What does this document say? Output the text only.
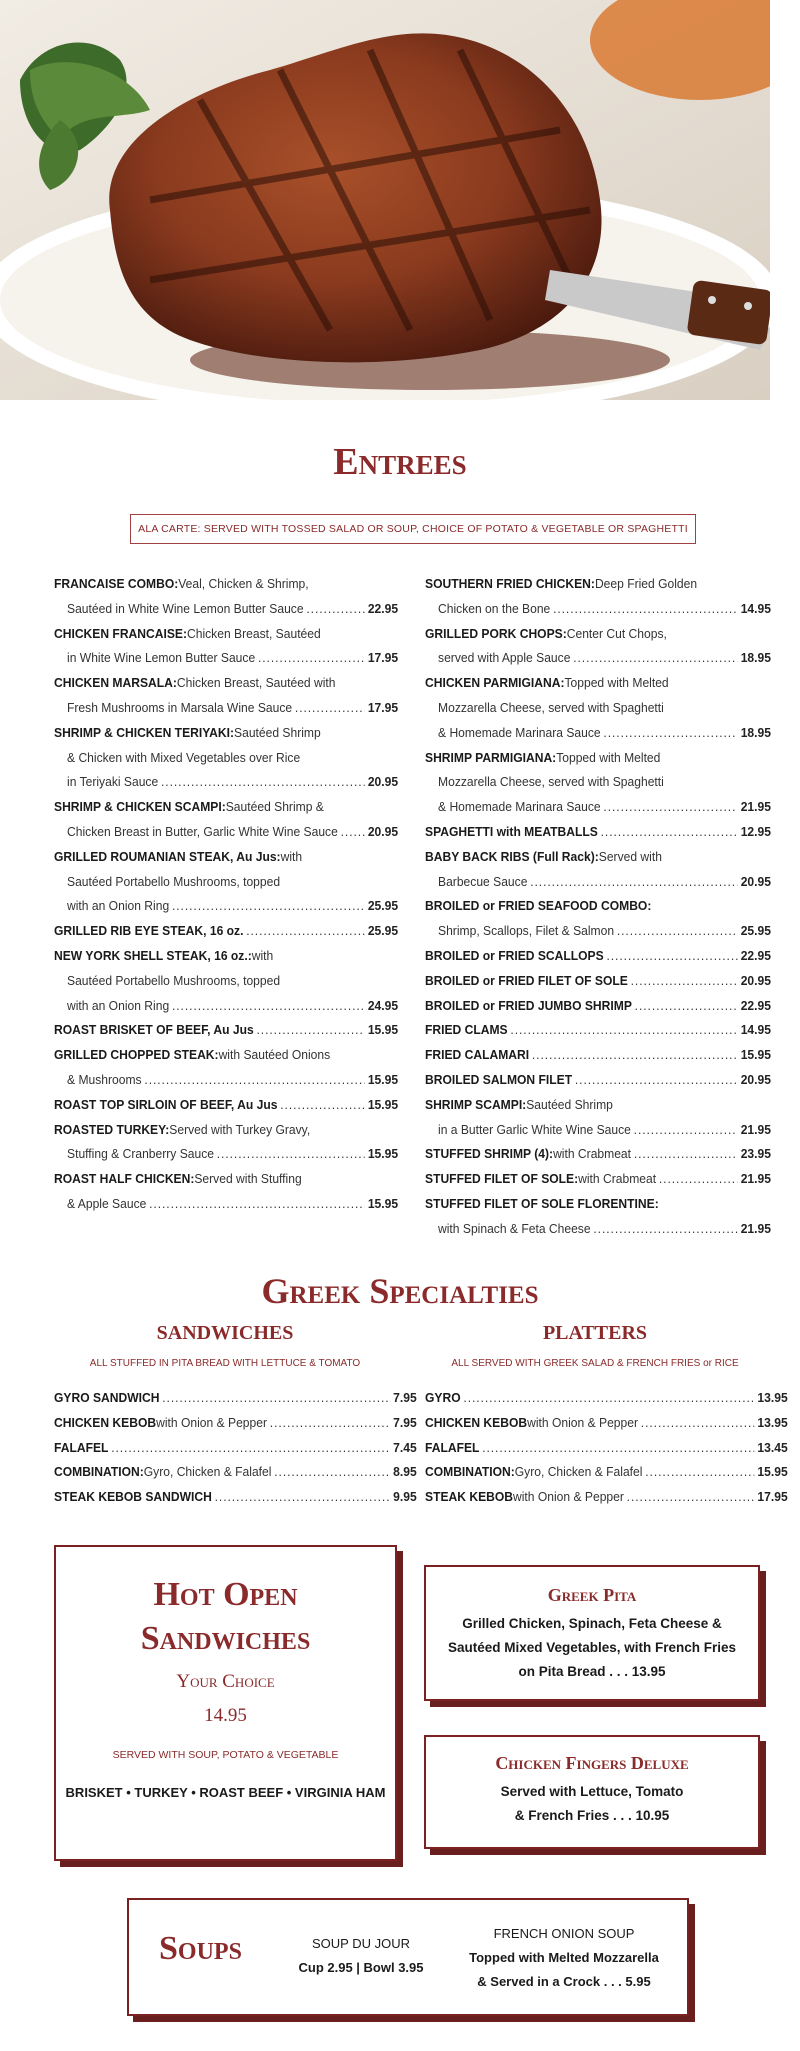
Entrees
ALA CARTE: SERVED WITH TOSSED SALAD OR SOUP, CHOICE OF POTATO & VEGETABLE OR SPAGHETTI
FRANCAISE COMBO: Veal, Chicken & Shrimp,
Sautéed in White Wine Lemon Butter Sauce .....	22.95
CHICKEN FRANCAISE: Chicken Breast, Sautéed
in White Wine Lemon Butter Sauce .....	17.95
CHICKEN MARSALA: Chicken Breast, Sautéed with
Fresh Mushrooms in Marsala Wine Sauce .....	17.95
SHRIMP & CHICKEN TERIYAKI: Sautéed Shrimp
& Chicken with Mixed Vegetables over Rice
in Teriyaki Sauce .....	20.95
SHRIMP & CHICKEN SCAMPI: Sautéed Shrimp &
Chicken Breast in Butter, Garlic White Wine Sauce ..... 20.95
GRILLED ROUMANIAN STEAK, Au Jus: with
Sautéed Portabello Mushrooms, topped
with an Onion Ring .....	25.95
GRILLED RIB EYE STEAK, 16 oz. .....	25.95
NEW YORK SHELL STEAK, 16 oz.: with
Sautéed Portabello Mushrooms, topped
with an Onion Ring .....	24.95
ROAST BRISKET OF BEEF, Au Jus .....	15.95
GRILLED CHOPPED STEAK: with Sautéed Onions
& Mushrooms .....	15.95
ROAST TOP SIRLOIN OF BEEF, Au Jus .....	15.95
ROASTED TURKEY: Served with Turkey Gravy,
Stuffing & Cranberry Sauce .....	15.95
ROAST HALF CHICKEN: Served with Stuffing
& Apple Sauce .....	15.95
SOUTHERN FRIED CHICKEN: Deep Fried Golden
Chicken on the Bone .....	14.95
GRILLED PORK CHOPS: Center Cut Chops,
served with Apple Sauce .....	18.95
CHICKEN PARMIGIANA: Topped with Melted
Mozzarella Cheese, served with Spaghetti
& Homemade Marinara Sauce .....	18.95
SHRIMP PARMIGIANA: Topped with Melted
Mozzarella Cheese, served with Spaghetti
& Homemade Marinara Sauce .....	21.95
SPAGHETTI with MEATBALLS .....	12.95
BABY BACK RIBS (Full Rack): Served with
Barbecue Sauce .....	20.95
BROILED or FRIED SEAFOOD COMBO:
Shrimp, Scallops, Filet & Salmon .....	25.95
BROILED or FRIED SCALLOPS .....	22.95
BROILED or FRIED FILET OF SOLE .....	20.95
BROILED or FRIED JUMBO SHRIMP .....	22.95
FRIED CLAMS .....	14.95
FRIED CALAMARI .....	15.95
BROILED SALMON FILET .....	20.95
SHRIMP SCAMPI: Sautéed Shrimp
in a Butter Garlic White Wine Sauce .....	21.95
STUFFED SHRIMP (4): with Crabmeat .....	23.95
STUFFED FILET OF SOLE: with Crabmeat .....	21.95
STUFFED FILET OF SOLE FLORENTINE:
with Spinach & Feta Cheese .....	21.95
Greek Specialties
SANDWICHES	PLATTERS
ALL STUFFED IN PITA BREAD WITH LETTUCE & TOMATO	ALL SERVED WITH GREEK SALAD & FRENCH FRIES or RICE
GYRO SANDWICH .....	7.95
CHICKEN KEBOB with Onion & Pepper .....	7.95
FALAFEL .....	7.45
COMBINATION: Gyro, Chicken & Falafel .....	8.95
STEAK KEBOB SANDWICH .....	9.95
GYRO .....	13.95
CHICKEN KEBOB with Onion & Pepper .....	13.95
FALAFEL .....	13.45
COMBINATION: Gyro, Chicken & Falafel .....	15.95
STEAK KEBOB with Onion & Pepper .....	17.95
Hot Open
Sandwiches
Your Choice
14.95
SERVED WITH SOUP, POTATO & VEGETABLE
BRISKET • TURKEY • ROAST BEEF • VIRGINIA HAM
Greek Pita
Grilled Chicken, Spinach, Feta Cheese &
Sautéed Mixed Vegetables, with French Fries
on Pita Bread . . . 13.95
Chicken Fingers Deluxe
Served with Lettuce, Tomato
& French Fries . . . 10.95
Soups	SOUP DU JOUR
Cup 2.95 | Bowl 3.95
FRENCH ONION SOUP
Topped with Melted Mozzarella
& Served in a Crock . . . 5.95
